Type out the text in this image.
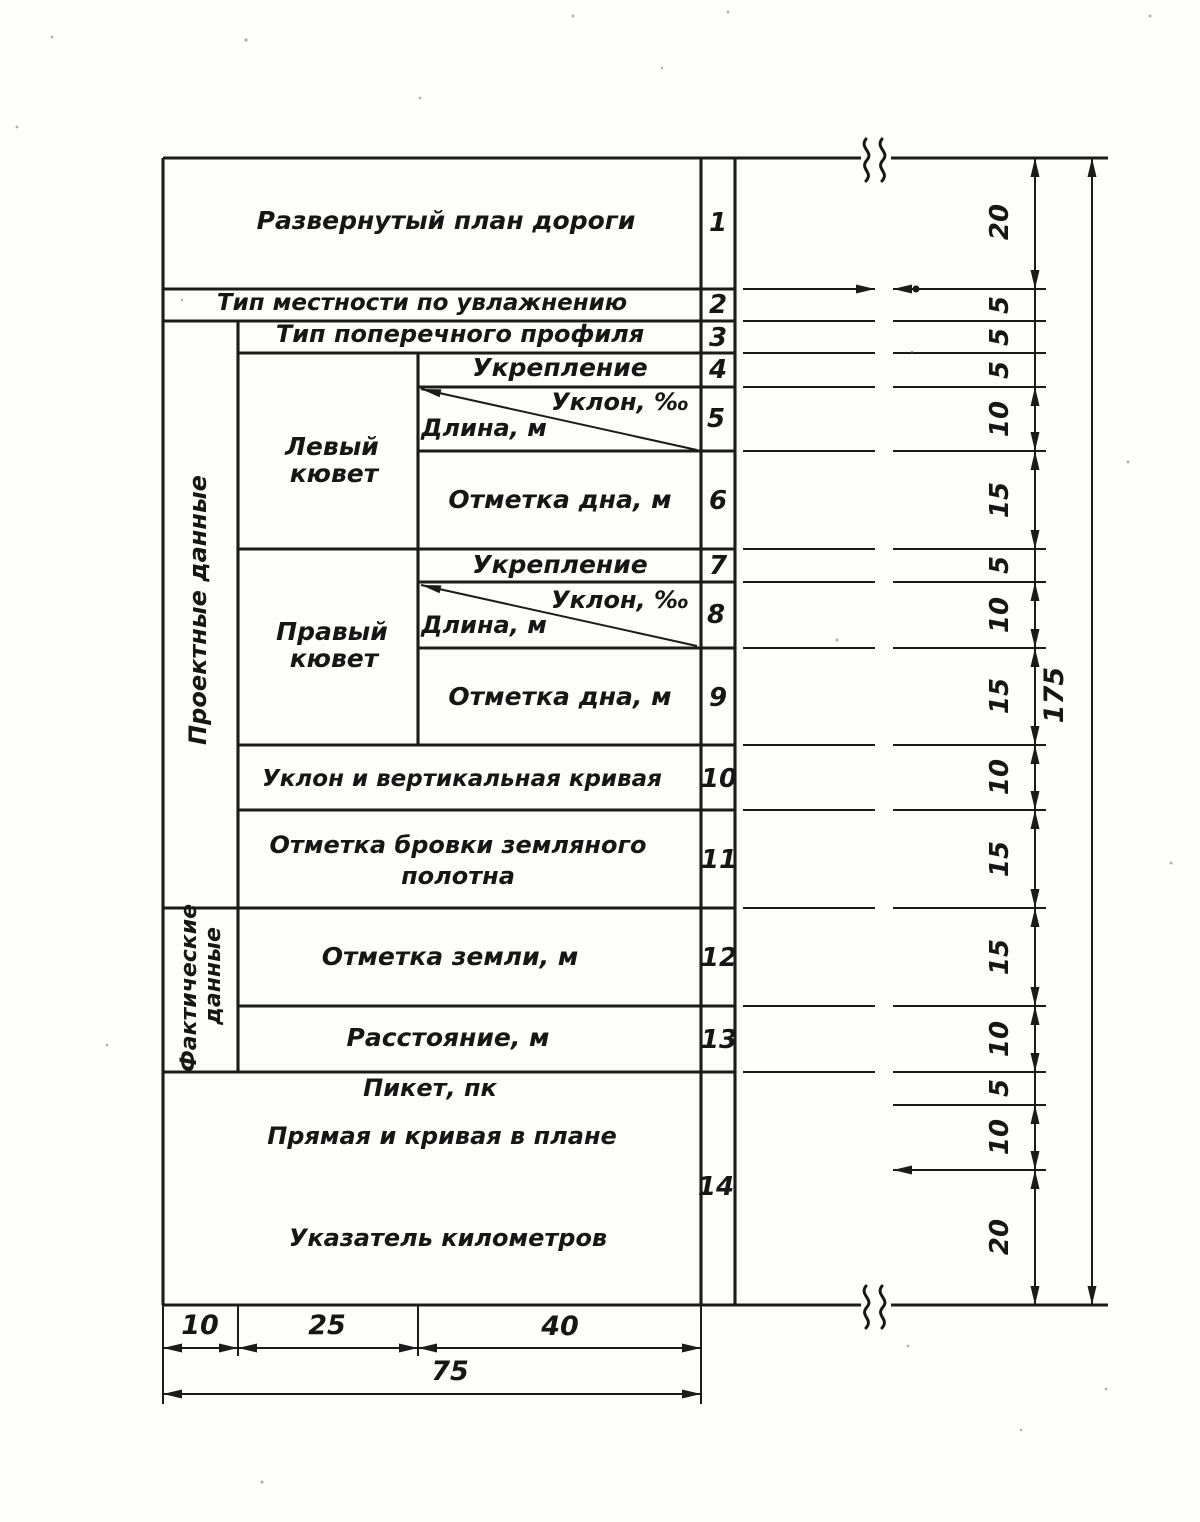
20
5
5
5
10
15
5
10
15
10
15
15
10
5
10
20
175
10	25	40
75
Развернутый план дороги
Тип местности по увлажнению
Тип поперечного профиля
Укрепление
Уклон, ‰
Длина, м
Отметка дна, м
Укрепление
Уклон, ‰
Длина, м
Отметка дна, м
Уклон и вертикальная кривая
Отметка бровки земляного
полотна
Отметка земли, м
Расстояние, м
Пикет, пк
Прямая и кривая в плане
Указатель километров
Левый
кювет
Правый
кювет
Проектные данные
Фактические данные
1
2
3
4
5
6
7
8
9
10
11
12
13
14
